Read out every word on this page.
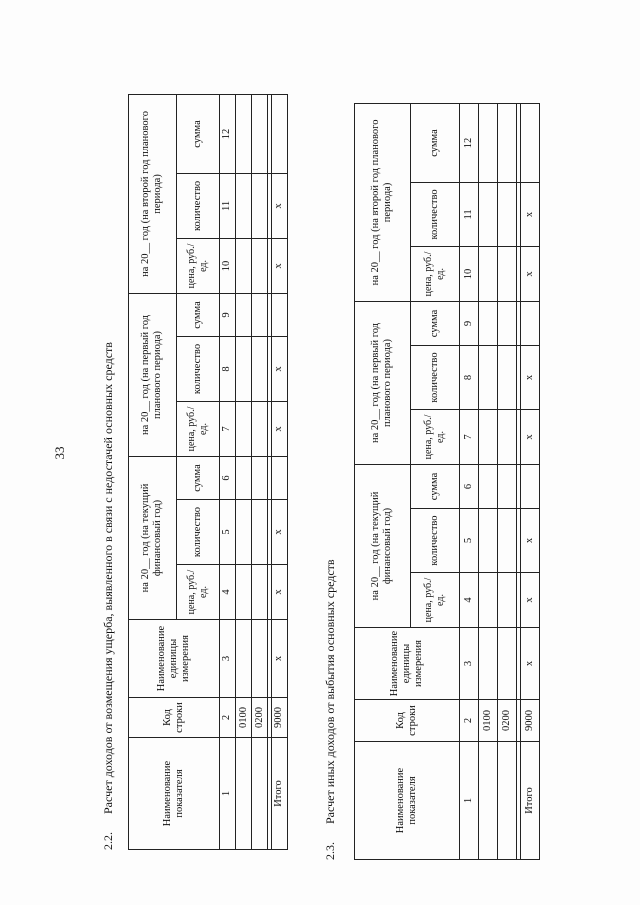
33
2.2.Расчет доходов от возмещения ущерба, выявленного в связи с недостачей основных средств	Наименование показателя	Код строки	Наименование единицы измерения	на 20__ год (на текущий финансовый год)			на 20__ год (на первый год планового периода)			на 20__ год (на второй год планового периода)		
			цена, руб./ед.	количество	сумма	цена, руб./ед.	количество	сумма	цена, руб./ед.	количество	сумма
1	2	3	4	5	6	7	8	9	10	11	12
	0100										
	0200										

Итого	9000	x	x	x		x	x		x	x	
2.3.Расчет иных доходов от выбытия основных средств	Наименование показателя	Код строки	Наименование единицы измерения	на 20__ год (на текущий финансовый год)			на 20__ год (на первый год планового периода)			на 20__ год (на второй год планового периода)		
			цена, руб./ед.	количество	сумма	цена, руб./ед.	количество	сумма	цена, руб./ед.	количество	сумма
1	2	3	4	5	6	7	8	9	10	11	12
	0100										
	0200										

Итого	9000	x	x	x		x	x		x	x	
